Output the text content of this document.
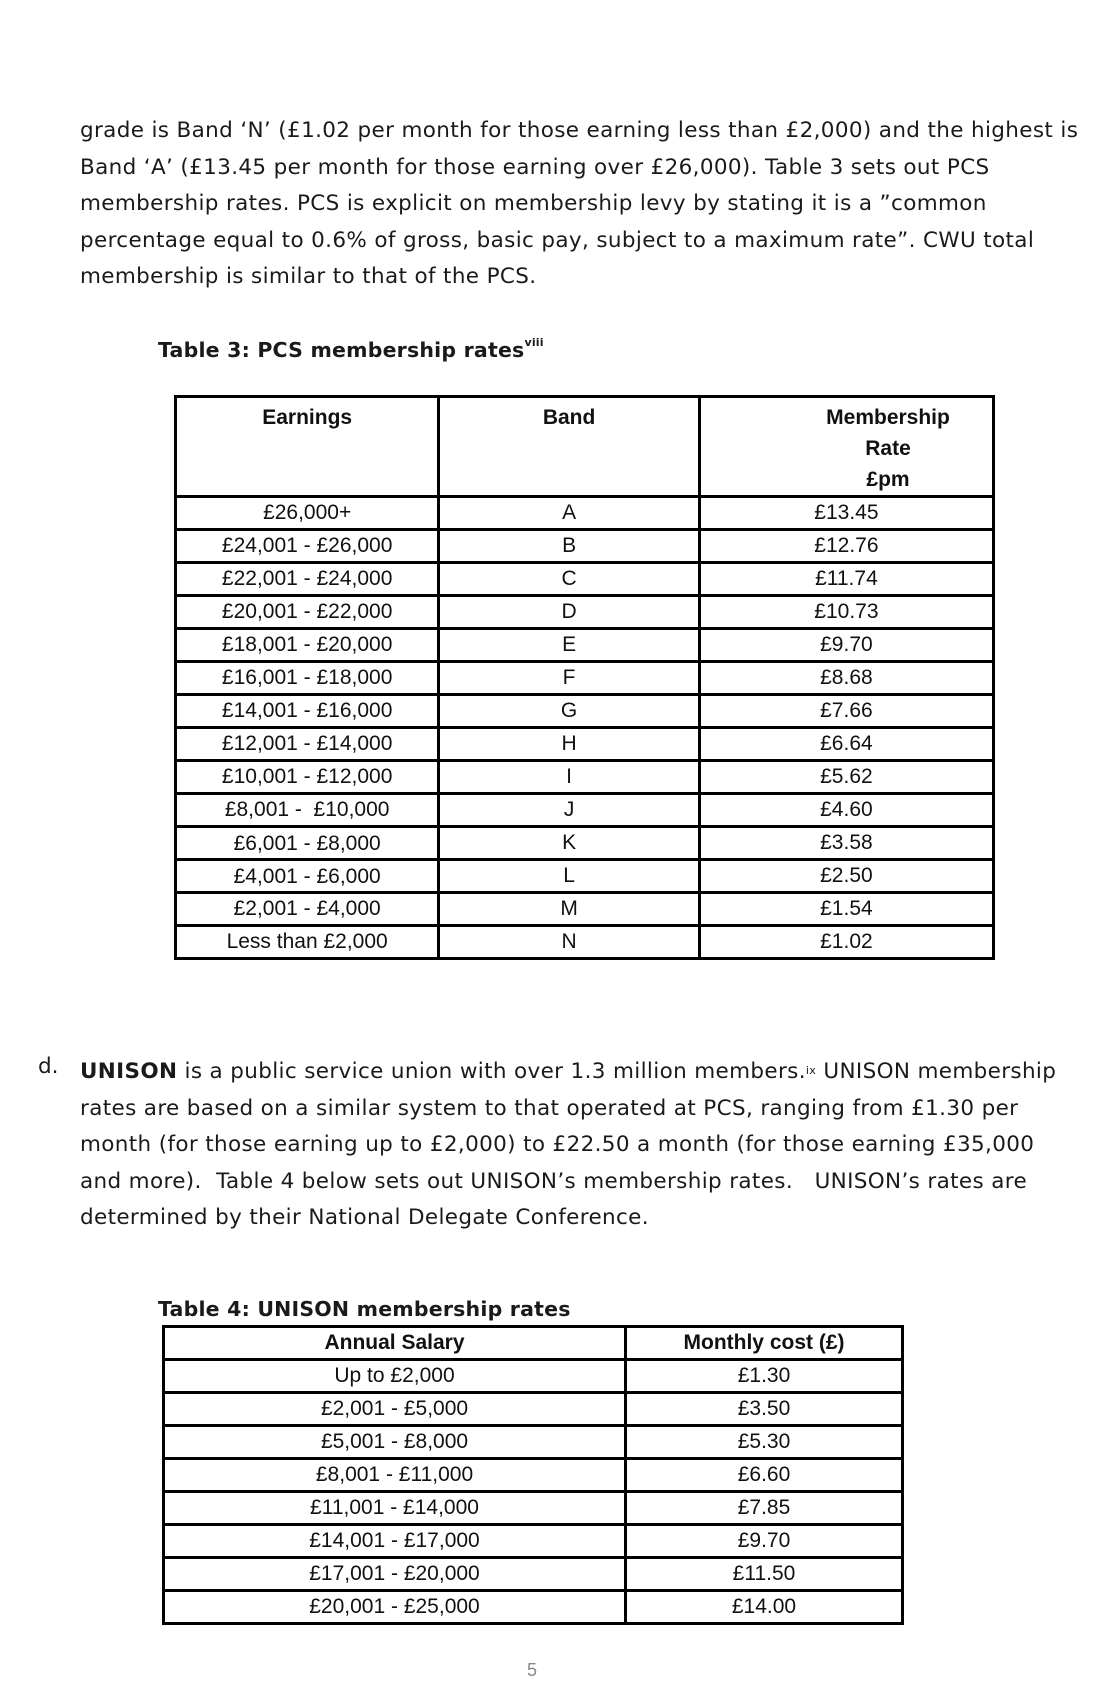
grade is Band ‘N’ (£1.02 per month for those earning less than £2,000) and the highest is

Band ‘A’ (£13.45 per month for those earning over £26,000). Table 3 sets out PCS

membership rates. PCS is explicit on membership levy by stating it is a ”common

percentage equal to 0.6% of gross, basic pay, subject to a maximum rate”. CWU total

membership is similar to that of the PCS.

Table 3: PCS membership rates$^{viii}$
Earnings	Band	Membership
Rate
£pm

£26,000+	A	£13.45
£24,001 - £26,000	B	£12.76
£22,001 - £24,000	C	£11.74
£20,001 - £22,000	D	£10.73
£18,001 - £20,000	E	£9.70
£16,001 - £18,000	F	£8.68
£14,001 - £16,000	G	£7.66
£12,001 - £14,000	H	£6.64
£10,001 - £12,000	I	£5.62
£8,001 -  £10,000	J	£4.60
£6,001 - £8,000	K	£3.58
£4,001 - £6,000	L	£2.50
£2,001 - £4,000	M	£1.54
Less than £2,000	N	£1.02
d. UNISON is a public service union with over 1.3 million members.$^{ix}$ UNISON membership

rates are based on a similar system to that operated at PCS, ranging from £1.30 per

month (for those earning up to £2,000) to £22.50 a month (for those earning £35,000

and more).  Table 4 below sets out UNISON’s membership rates.   UNISON’s rates are

determined by their National Delegate Conference.

Table 4: UNISON membership rates
Annual Salary	Monthly cost (£)
Up to £2,000	£1.30
£2,001 - £5,000	£3.50
£5,001 - £8,000	£5.30
£8,001 - £11,000	£6.60
£11,001 - £14,000	£7.85
£14,001 - £17,000	£9.70
£17,001 - £20,000	£11.50
£20,001 - £25,000	£14.00
5
